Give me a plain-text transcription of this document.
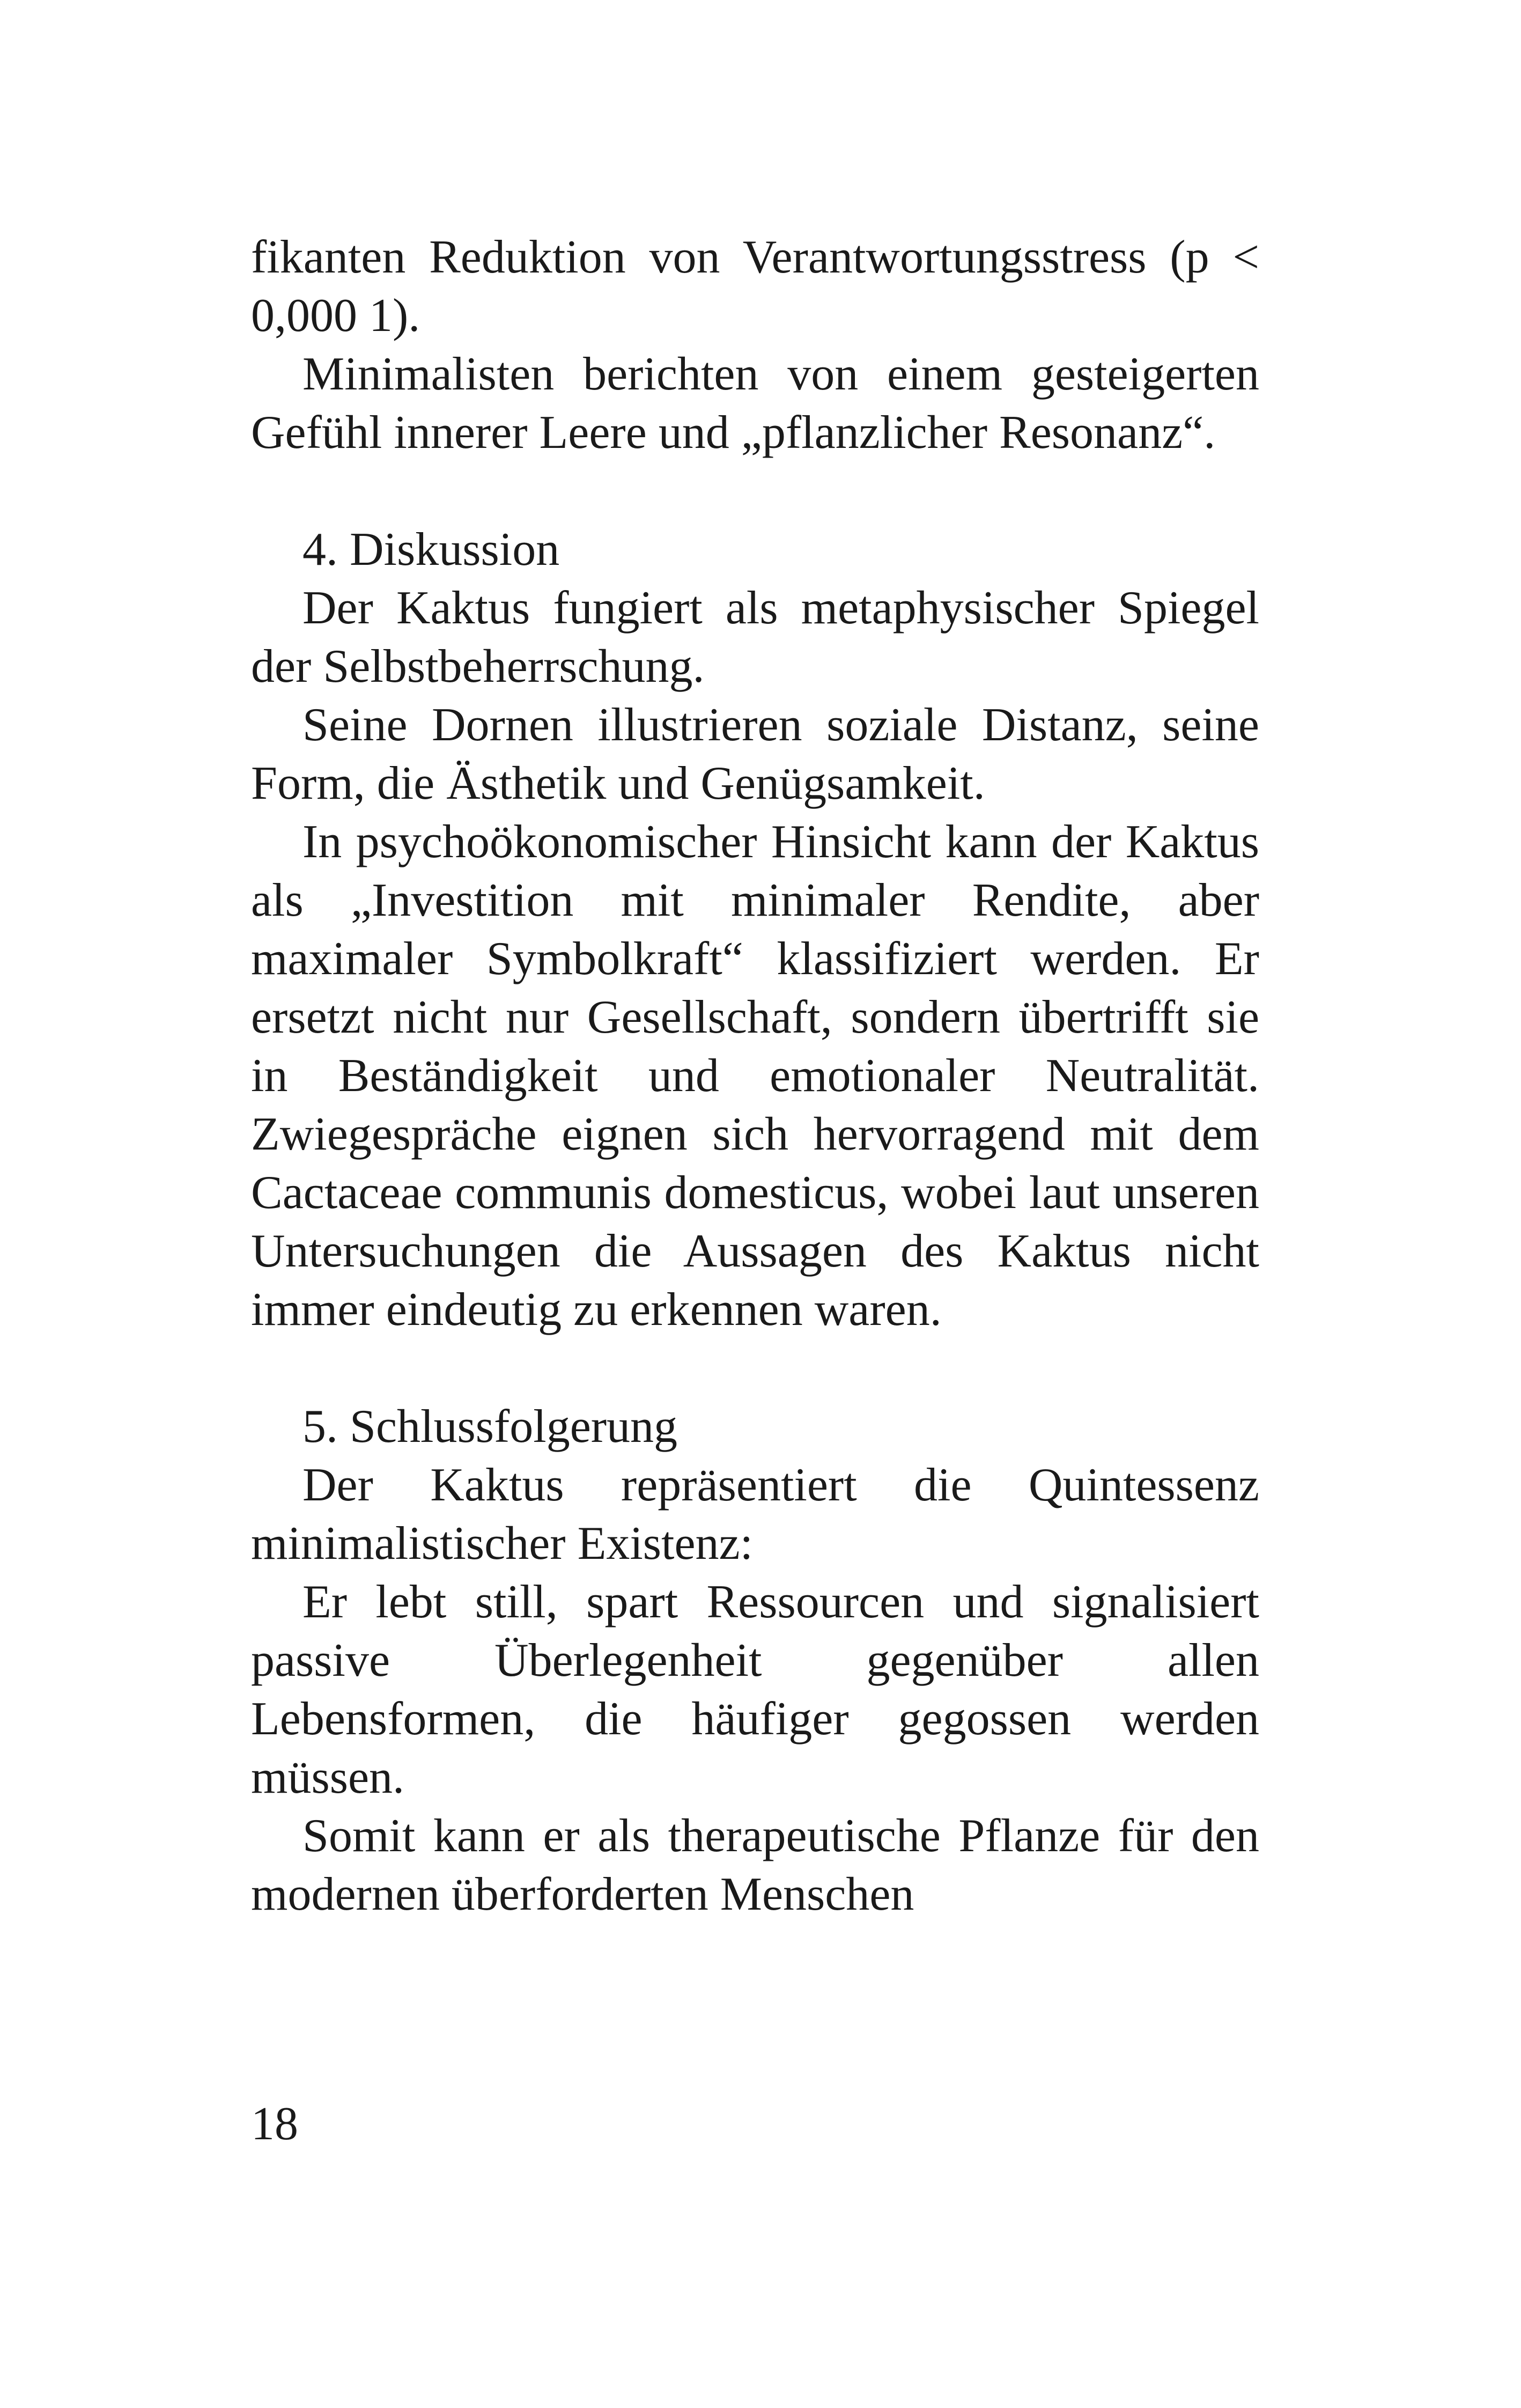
fikanten Reduktion von Verantwortungsstress (p < 0,000 1).

Minimalisten berichten von einem gesteigerten Gefühl innerer Leere und „pflanzlicher Resonanz“.

4. Diskussion

Der Kaktus fungiert als metaphysischer Spiegel der Selbstbeherrschung.

Seine Dornen illustrieren soziale Distanz, seine Form, die Ästhetik und Genügsamkeit.

In psychoökonomischer Hinsicht kann der Kaktus als „Investition mit minimaler Rendite, aber maximaler Symbolkraft“ klassifiziert werden. Er ersetzt nicht nur Gesellschaft, sondern übertrifft sie in Beständigkeit und emotionaler Neutralität. Zwiegespräche eignen sich hervorragend mit dem Cactaceae communis domesticus, wobei laut unseren Untersuchungen die Aussagen des Kaktus nicht immer eindeutig zu erkennen waren.

5. Schlussfolgerung

Der Kaktus repräsentiert die Quintessenz minimalistischer Existenz:

Er lebt still, spart Ressourcen und signalisiert passive Überlegenheit gegenüber allen Lebensformen, die häufiger gegossen werden müssen.

Somit kann er als therapeutische Pflanze für den modernen überforderten Menschen

18
